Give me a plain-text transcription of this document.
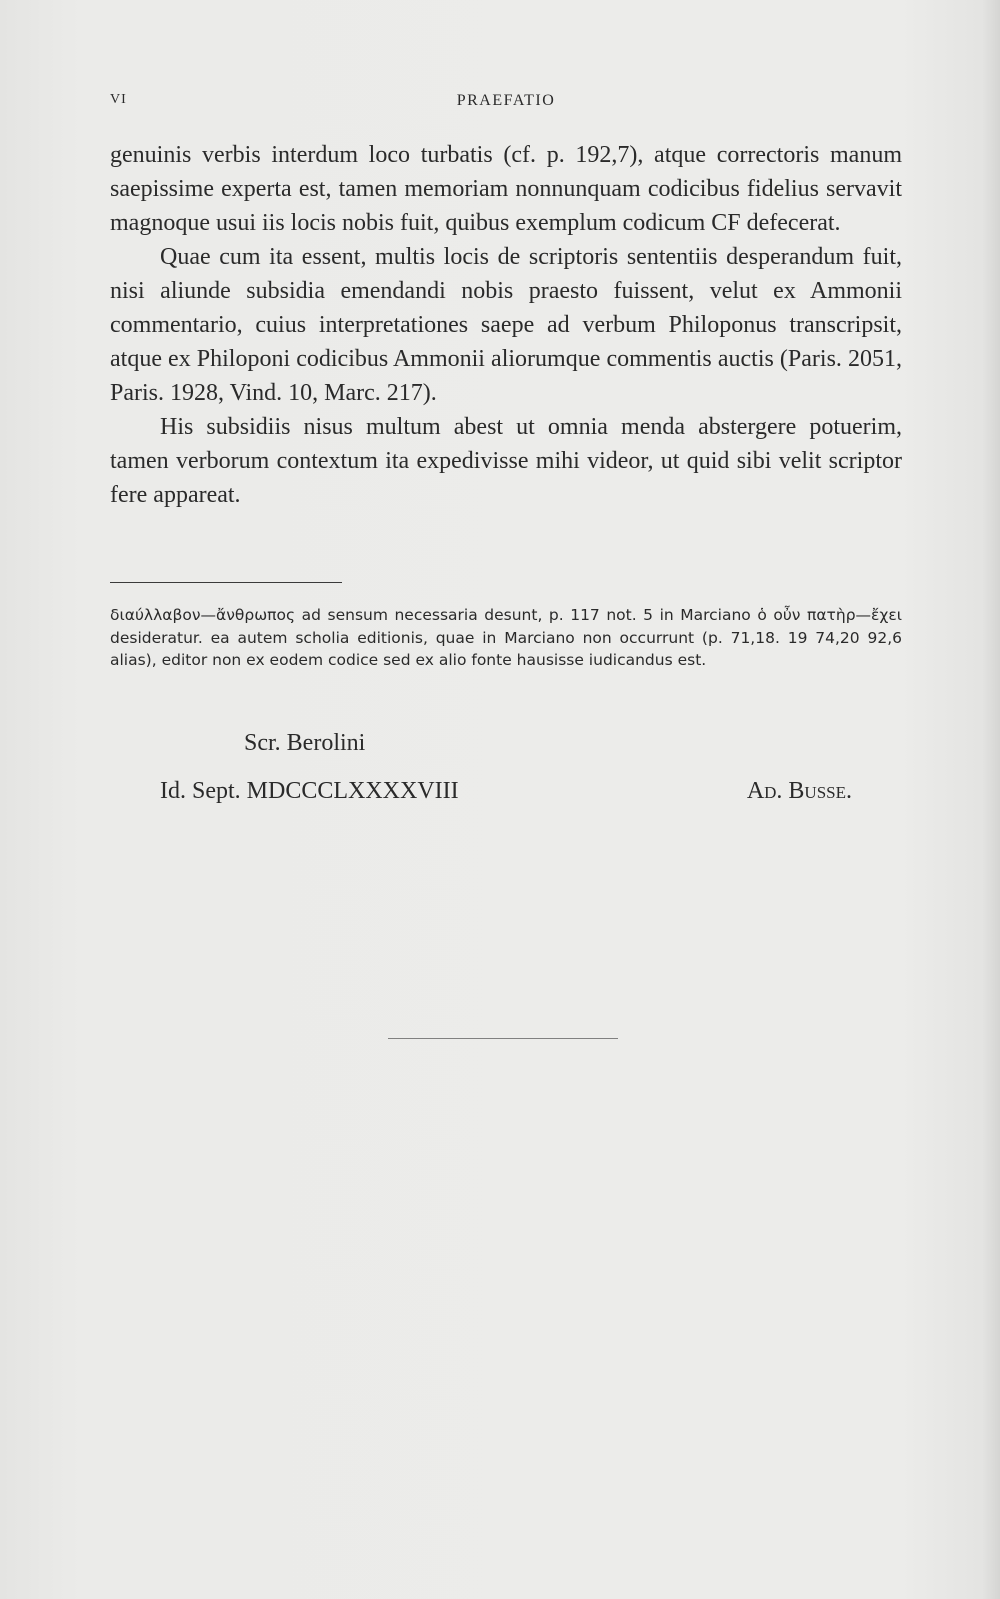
VI	PRAEFATIO

genuinis verbis interdum loco turbatis (cf. p. 192,7), atque correctoris manum saepissime experta est, tamen memoriam nonnunquam codicibus fidelius servavit magnoque usui iis locis nobis fuit, quibus exemplum codicum CF defecerat.

Quae cum ita essent, multis locis de scriptoris sententiis desperandum fuit, nisi aliunde subsidia emendandi nobis praesto fuissent, velut ex Ammonii commentario, cuius interpretationes saepe ad verbum Philoponus transcripsit, atque ex Philoponi codicibus Ammonii aliorumque commentis auctis (Paris. 2051, Paris. 1928, Vind. 10, Marc. 217).

His subsidiis nisus multum abest ut omnia menda abstergere potuerim, tamen verborum contextum ita expedivisse mihi videor, ut quid sibi velit scriptor fere appareat.

διαύλλαβον—ἄνθρωπος ad sensum necessaria desunt, p. 117 not. 5 in Marciano ὁ οὖν πατὴρ—ἔχει desideratur. ea autem scholia editionis, quae in Marciano non occurrunt (p. 71,18. 19 74,20 92,6 alias), editor non ex eodem codice sed ex alio fonte hausisse iudicandus est.

Scr. Berolini
Id. Sept. MDCCCLXXXXVIII	Ad. Busse.
